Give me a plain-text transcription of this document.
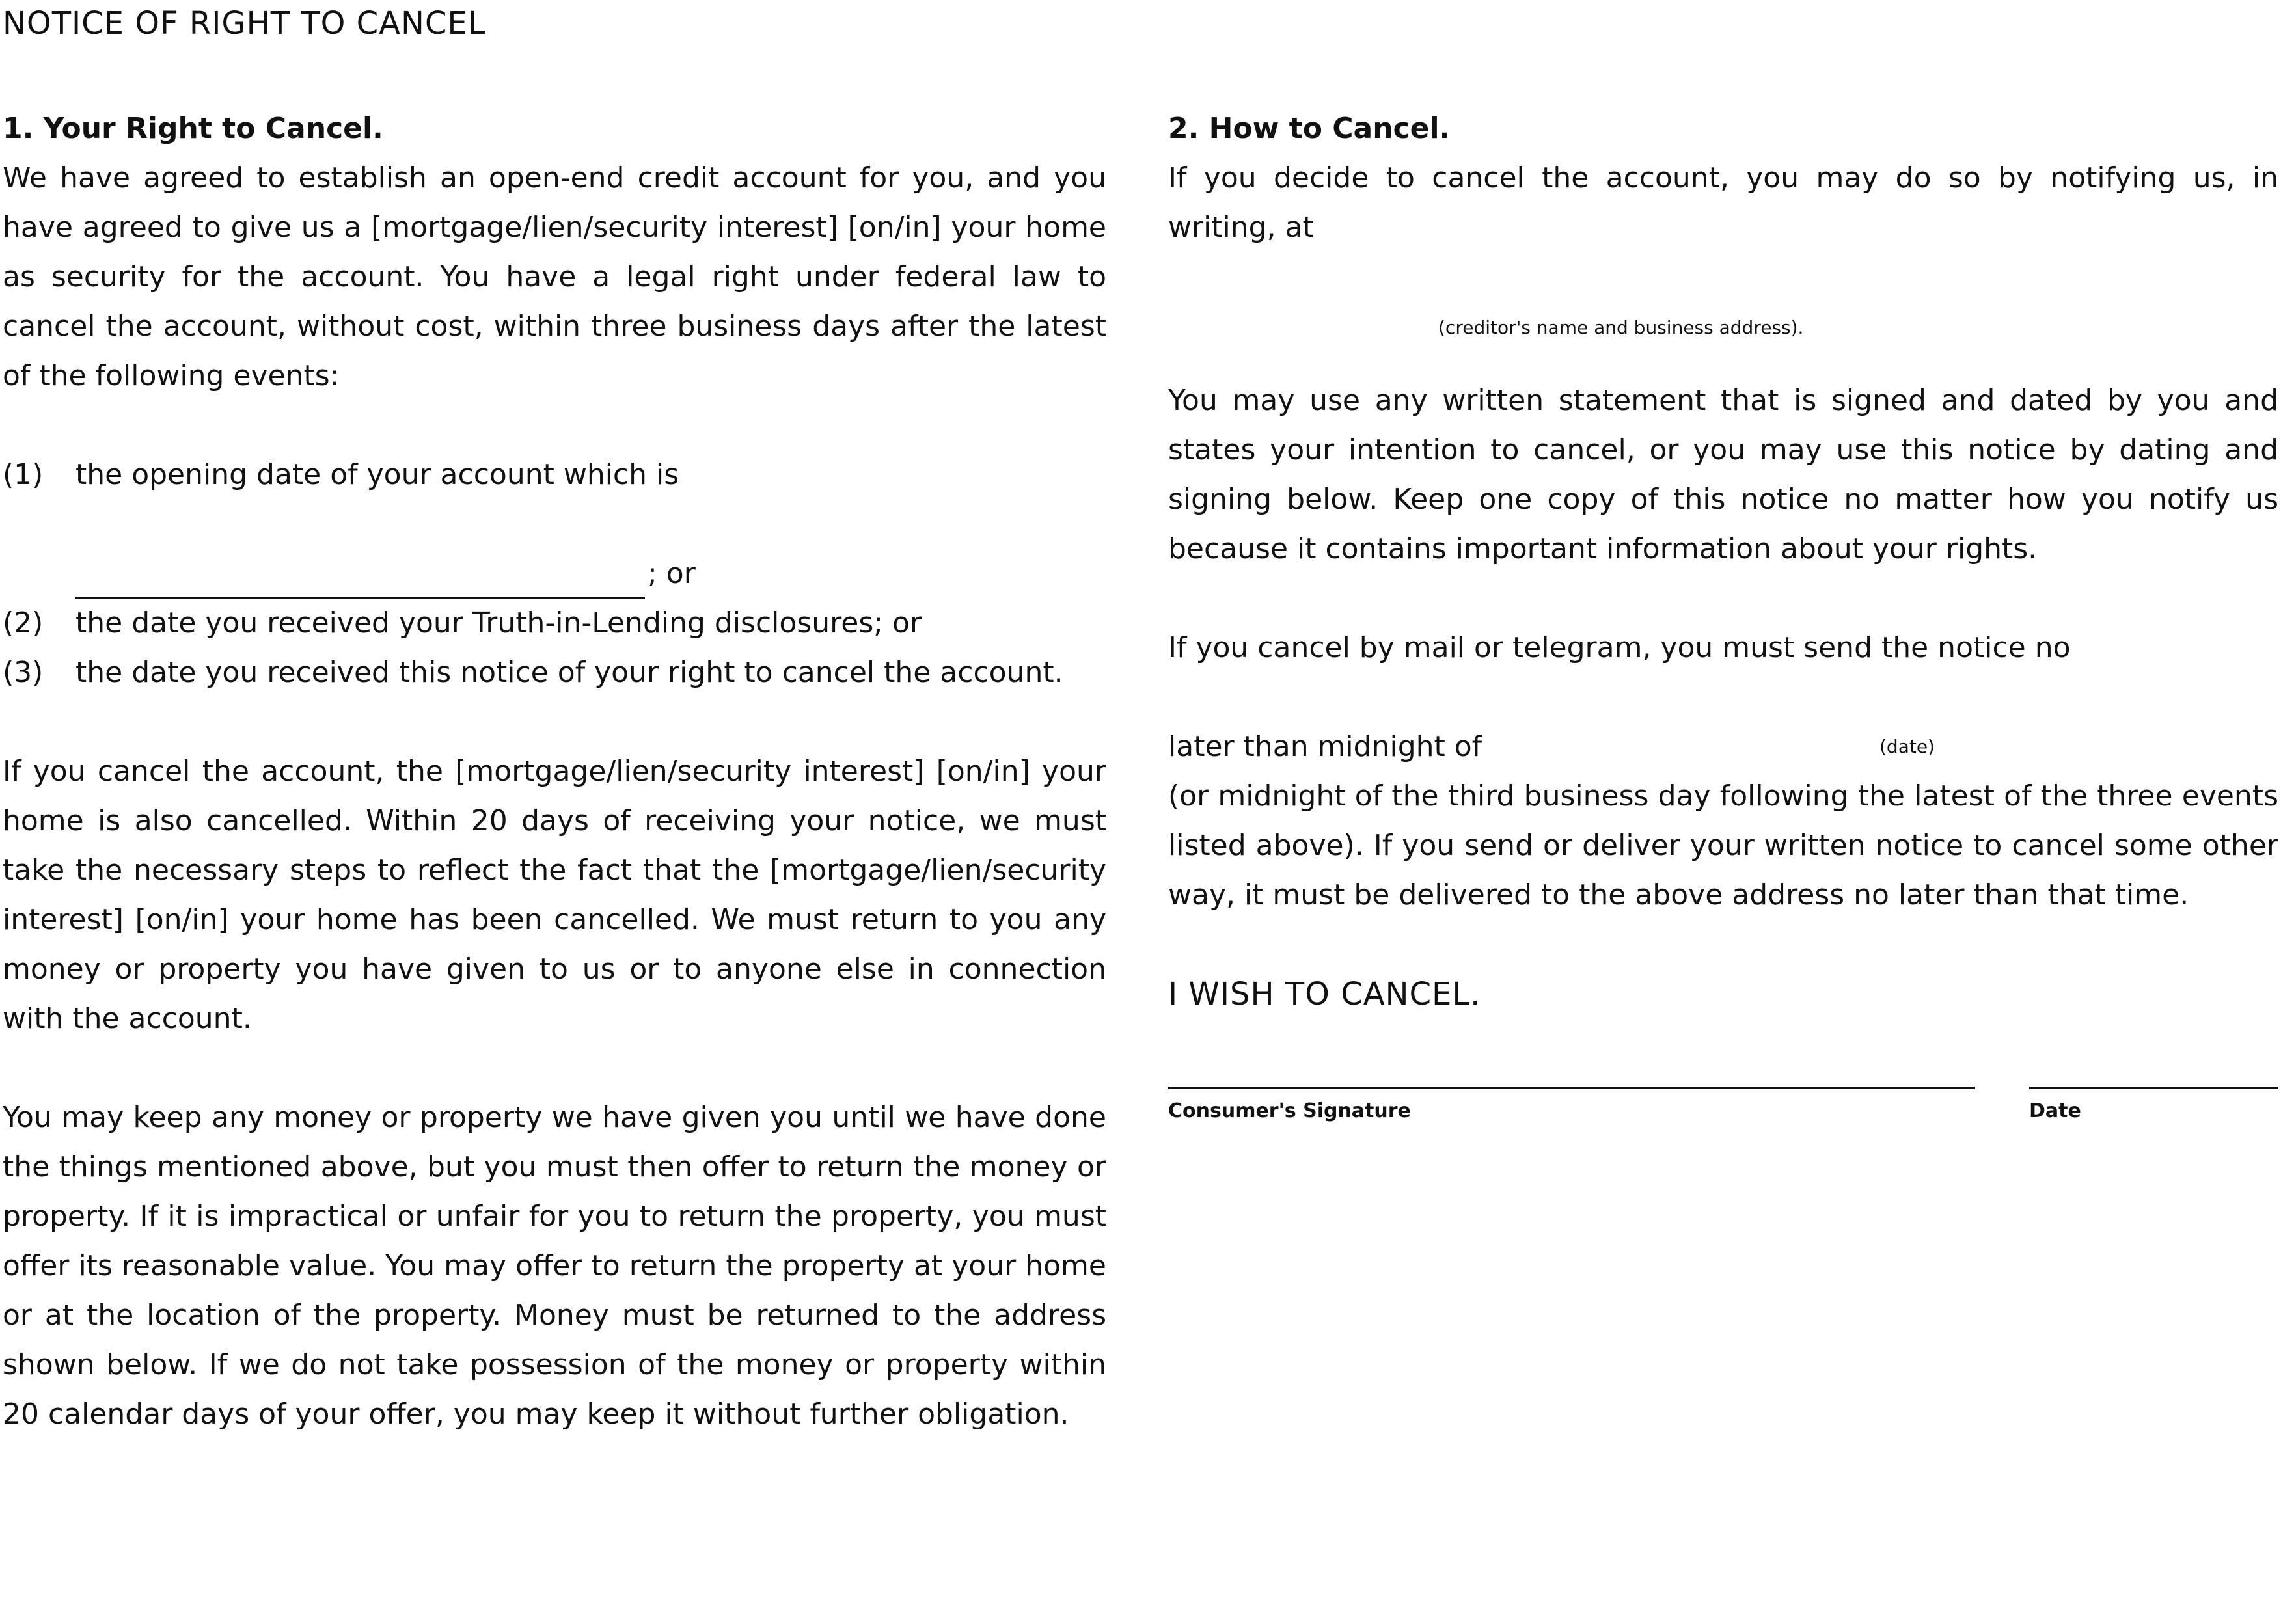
NOTICE OF RIGHT TO CANCEL

1. Your Right to Cancel.

We have agreed to establish an open-end credit account for you, and you have agreed to give us a [mortgage/lien/security interest] [on/in] your home as security for the account. You have a legal right under federal law to cancel the account, without cost, within three business days after the latest of the following events:

(1)	the opening date of your account which is
; or
(2)	the date you received your Truth-in-Lending disclosures; or
(3)	the date you received this notice of your right to cancel the account.

If you cancel the account, the [mortgage/lien/security interest] [on/in] your home is also cancelled. Within 20 days of receiving your notice, we must take the necessary steps to reflect the fact that the [mortgage/lien/security interest] [on/in] your home has been cancelled. We must return to you any money or property you have given to us or to anyone else in connection with the account.

You may keep any money or property we have given you until we have done the things mentioned above, but you must then offer to return the money or property. If it is impractical or unfair for you to return the property, you must offer its reasonable value. You may offer to return the property at your home or at the location of the property. Money must be returned to the address shown below. If we do not take possession of the money or property within 20 calendar days of your offer, you may keep it without further obligation.

2. How to Cancel.

If you decide to cancel the account, you may do so by notifying us, in writing, at

(creditor's name and business address).

You may use any written statement that is signed and dated by you and states your intention to cancel, or you may use this notice by dating and signing below. Keep one copy of this notice no matter how you notify us because it contains important information about your rights.

If you cancel by mail or telegram, you must send the notice no

later than midnight of	(date)

(or midnight of the third business day following the latest of the three events listed above). If you send or deliver your written notice to cancel some other way, it must be delivered to the above address no later than that time.

I WISH TO CANCEL.

Consumer's Signature	Date
